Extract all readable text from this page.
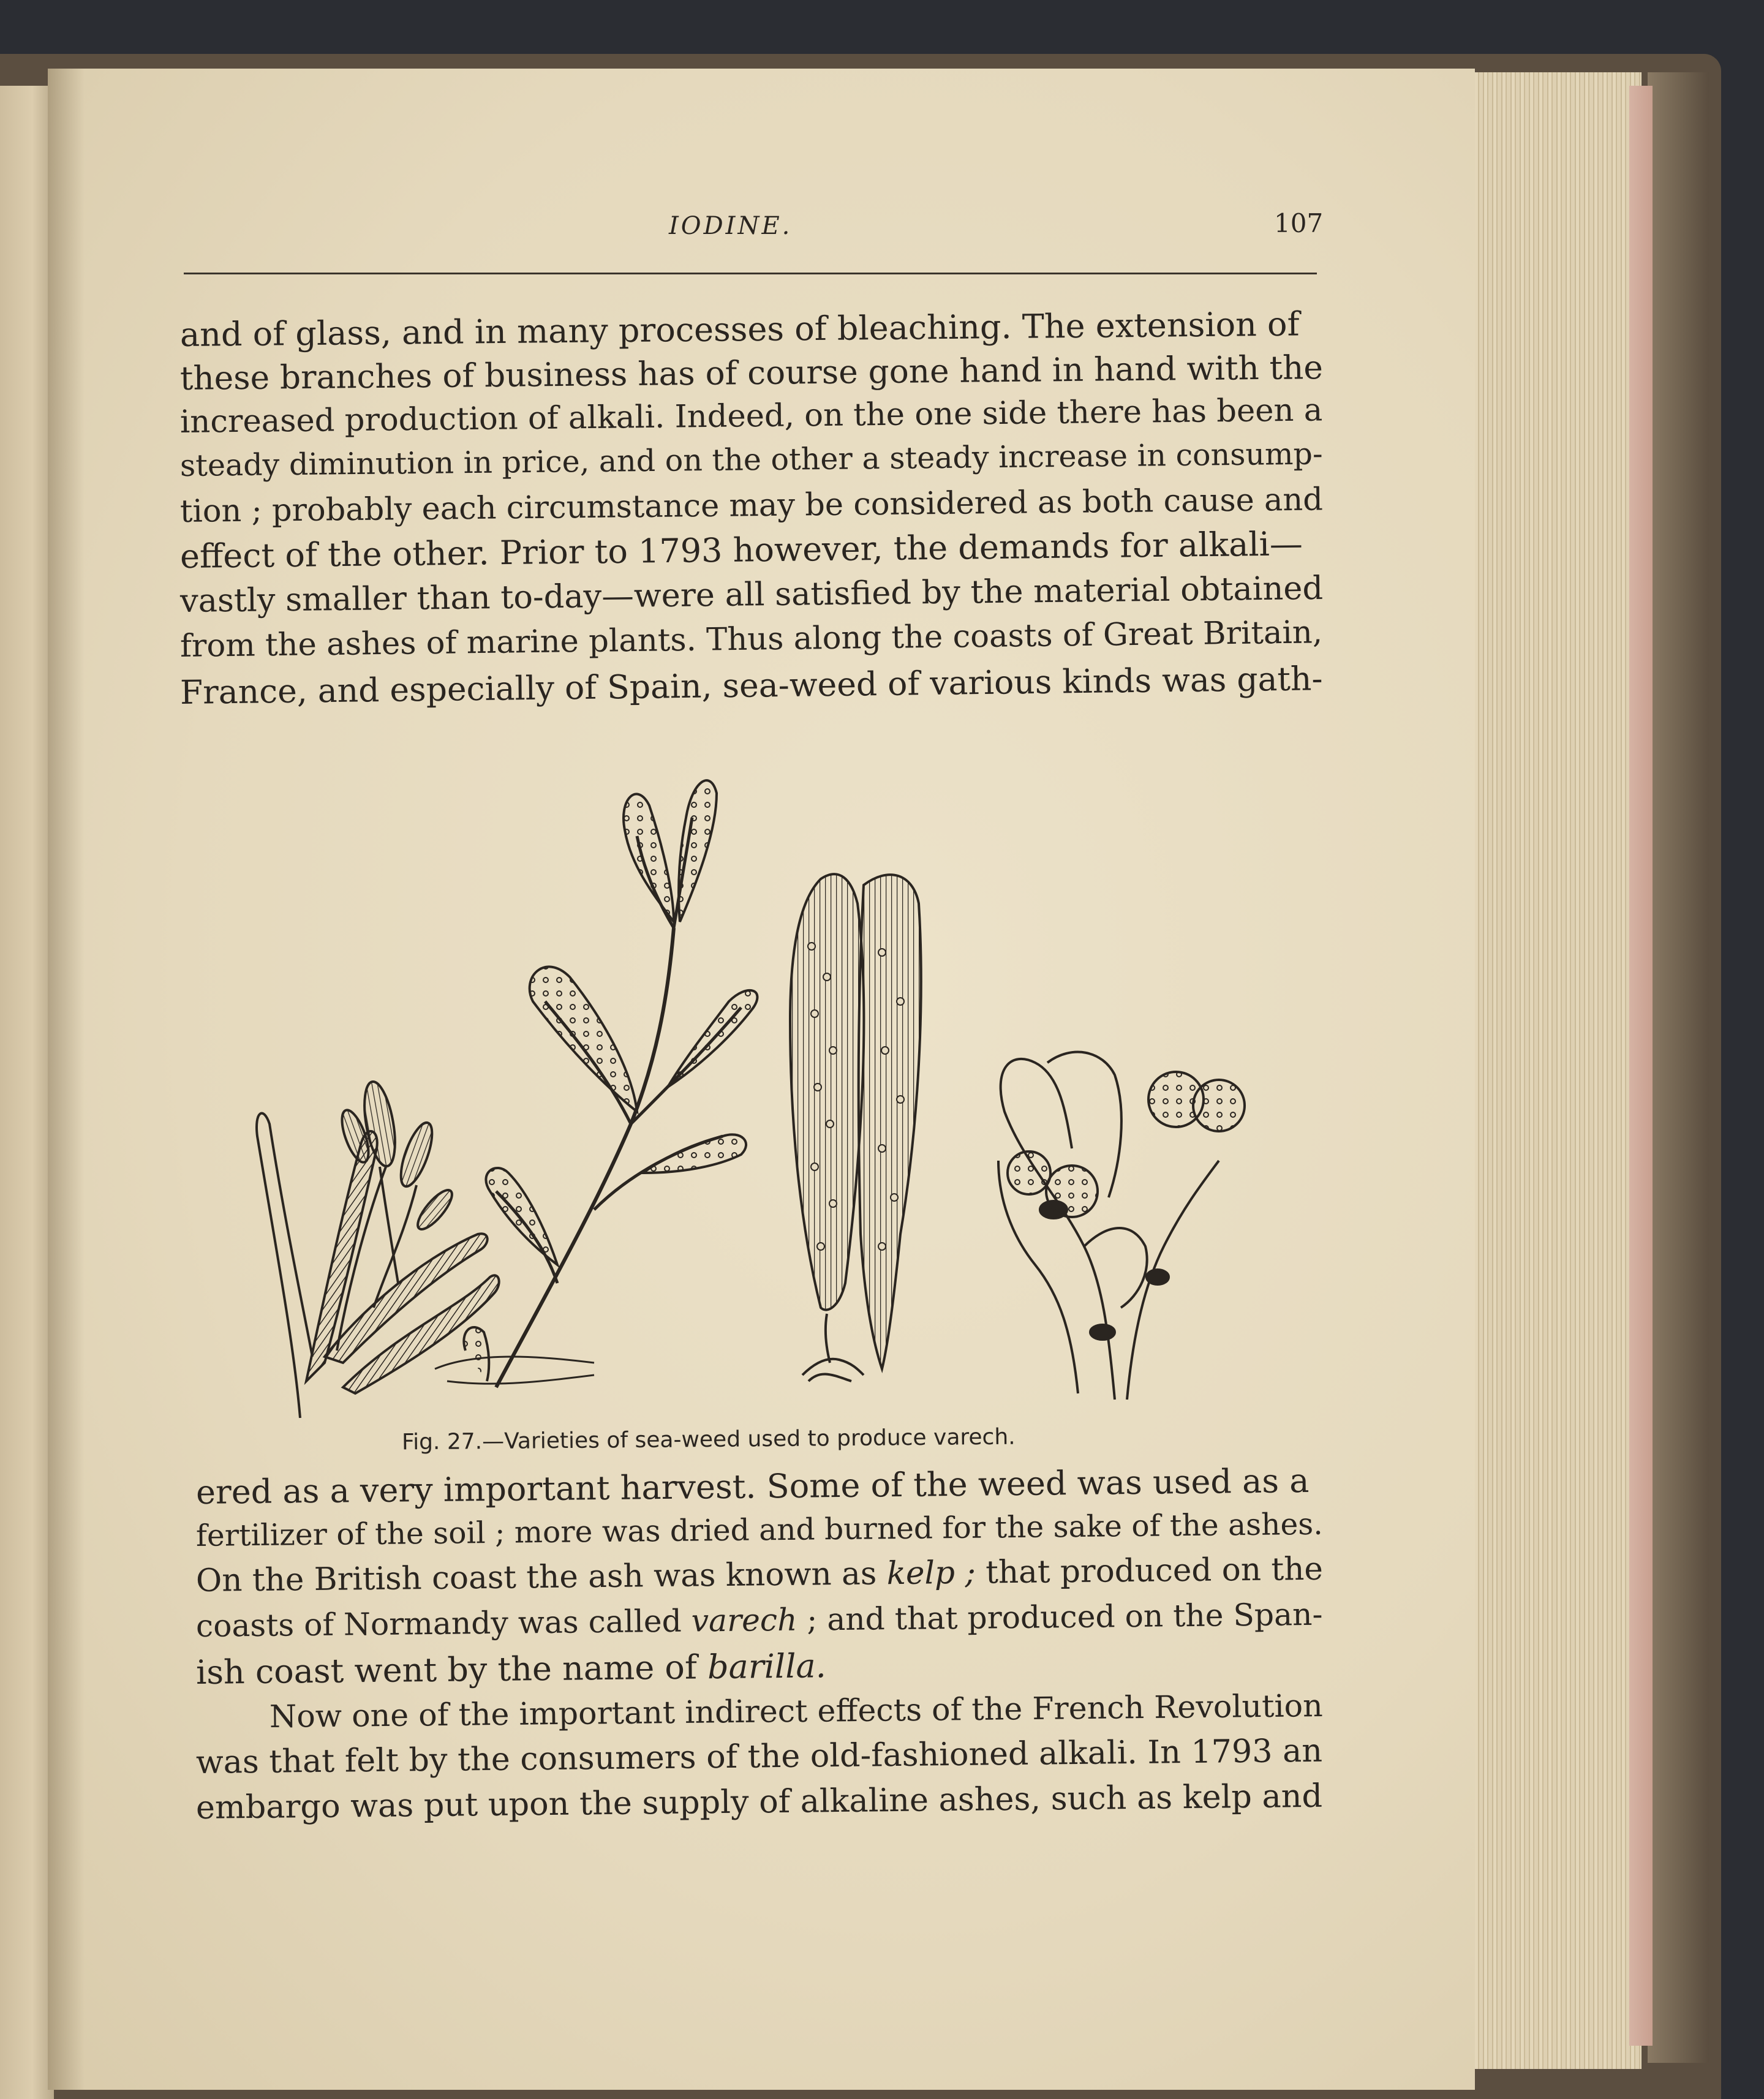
IODINE.	107
and of glass, and in many processes of bleaching. The extension of
these branches of business has of course gone hand in hand with the
increased production of alkali. Indeed, on the one side there has been a
steady diminution in price, and on the other a steady increase in consump-
tion ; probably each circumstance may be considered as both cause and
effect of the other. Prior to 1793 however, the demands for alkali—
vastly smaller than to-day—were all satisfied by the material obtained
from the ashes of marine plants. Thus along the coasts of Great Britain,
France, and especially of Spain, sea-weed of various kinds was gath-
Fig. 27.—Varieties of sea-weed used to produce varech.
ered as a very important harvest. Some of the weed was used as a
fertilizer of the soil ; more was dried and burned for the sake of the ashes.
On the British coast the ash was known as kelp ; that produced on the
coasts of Normandy was called varech ; and that produced on the Span-
ish coast went by the name of barilla.
Now one of the important indirect effects of the French Revolution
was that felt by the consumers of the old-fashioned alkali. In 1793 an
embargo was put upon the supply of alkaline ashes, such as kelp and
